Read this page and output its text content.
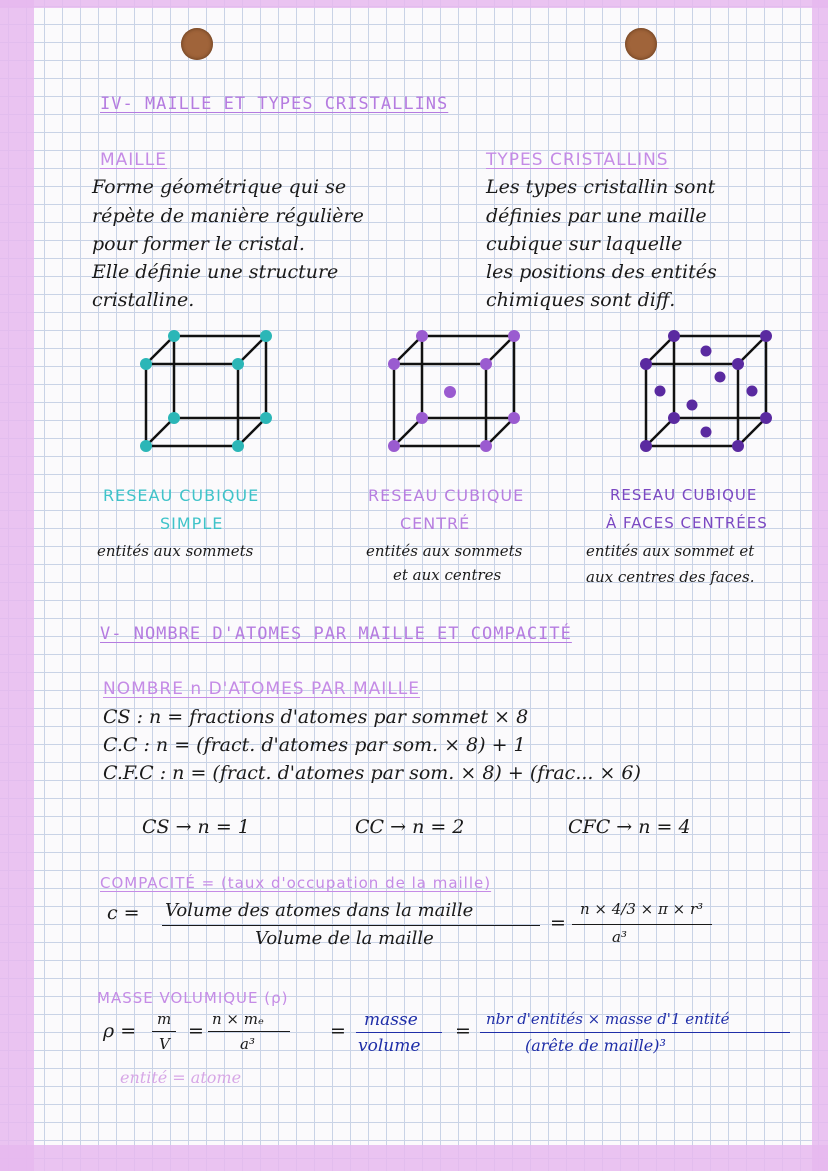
IV- MAILLE ET TYPES CRISTALLINS
MAILLE
Forme géométrique qui se
répète de manière régulière
pour former le cristal.
Elle définie une structure
cristalline.
TYPES CRISTALLINS
Les types cristallin sont
définies par une maille
cubique sur laquelle
les positions des entités
chimiques sont diff.
RESEAU CUBIQUE
SIMPLE
entités aux sommets
RESEAU CUBIQUE
CENTRÉ
entités aux sommets
et aux centres
RESEAU CUBIQUE
À FACES CENTRÉES
entités aux sommet et
aux centres des faces.
V- NOMBRE D'ATOMES PAR MAILLE ET COMPACITÉ
NOMBRE n D'ATOMES PAR MAILLE
CS : n = fractions d'atomes par sommet × 8
C.C : n = (fract. d'atomes par som. × 8) + 1
C.F.C : n = (fract. d'atomes par som. × 8) + (frac... × 6)
CS → n = 1	CC → n = 2	CFC → n = 4
COMPACITÉ = (taux d'occupation de la maille)
c = Volume des atomes dans la maille
Volume de la maille
=
n × 4/3 × π × r³
a³
MASSE VOLUMIQUE (ρ)
ρ =
m
V
=
n × mₑ
a³
= masse
volume
=
nbr d'entités × masse d'1 entité
(arête de maille)³
entité = atome
